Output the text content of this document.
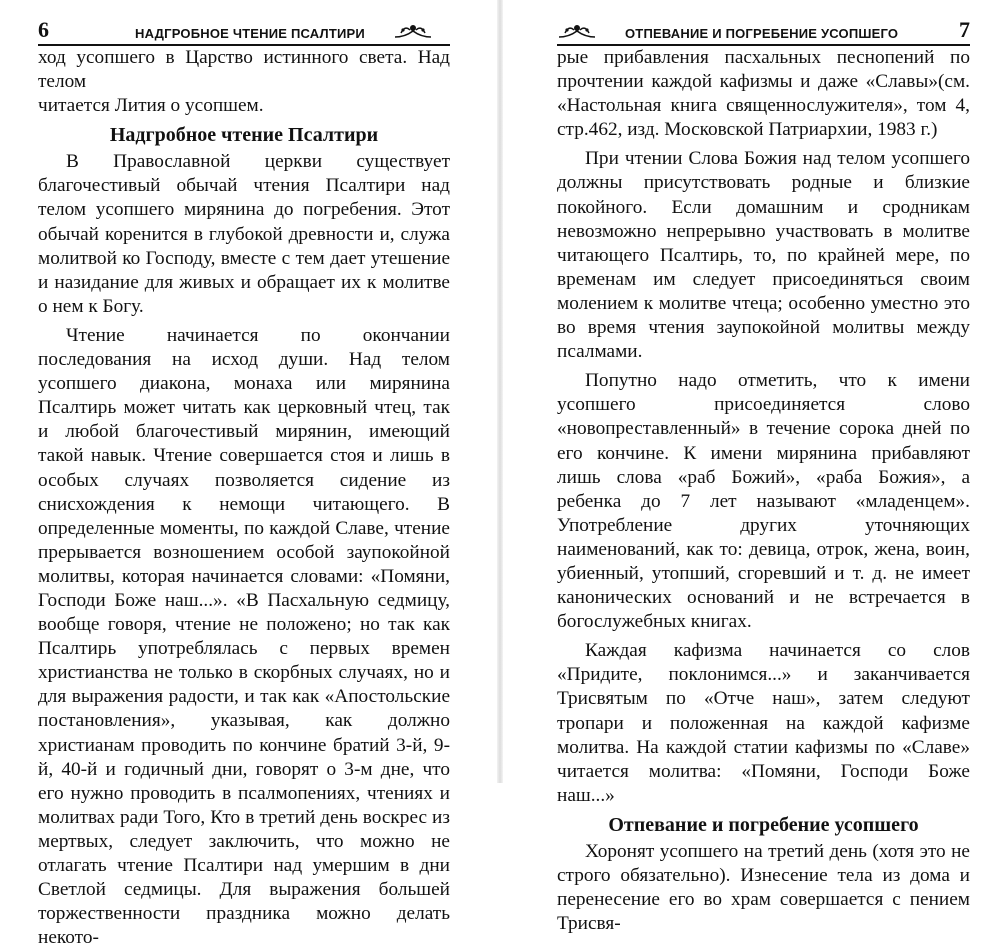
6	НАДГРОБНОЕ ЧТЕНИЕ ПСАЛТИРИ

ход усопшего в Царство истинного света. Над телом

читается Лития о усопшем.

Надгробное чтение Псалтири

В Православной церкви существует благочестивый обычай чтения Псалтири над телом усопшего мирянина до погребения. Этот обычай коренится в глубокой древности и, служа молитвой ко Господу, вместе с тем дает утешение и назидание для живых и обращает их к молитве о нем к Богу.

Чтение начинается по окончании последования на исход души. Над телом усопшего диакона, монаха или мирянина Псалтирь может читать как церковный чтец, так и любой благочестивый мирянин, имеющий такой навык. Чтение совершается стоя и лишь в особых случаях позволяется сидение из снисхождения к немощи читающего. В определенные моменты, по каждой Славе, чтение прерывается возношением особой заупокойной молитвы, которая начинается словами: «Помяни, Господи Боже наш...». «В Пасхальную седмицу, вообще говоря, чтение не положено; но так как Псалтирь употреблялась с первых времен христианства не только в скорбных случаях, но и для выражения радости, и так как «Апостольские постановления», указывая, как должно христианам проводить по кончине братий 3-й, 9-й, 40-й и годичный дни, говорят о 3-м дне, что его нужно проводить в псалмопениях, чтениях и молитвах ради Того, Кто в третий день воскрес из мертвых, следует заключить, что можно не отлагать чтение Псалтири над умершим в дни Светлой седмицы. Для выражения большей торжественности праздника можно делать некото-

ОТПЕВАНИЕ И ПОГРЕБЕНИЕ УСОПШЕГО	7

рые прибавления пасхальных песнопений по прочтении каждой кафизмы и даже «Славы»(см. «Настольная книга священнослужителя», том 4, стр.462, изд. Московской Патриархии, 1983 г.)

При чтении Слова Божия над телом усопшего должны присутствовать родные и близкие покойного. Если домашним и сродникам невозможно непрерывно участвовать в молитве читающего Псалтирь, то, по крайней мере, по временам им следует присоединяться своим молением к молитве чтеца; особенно уместно это во время чтения заупокойной молитвы между псалмами.

Попутно надо отметить, что к имени усопшего присоединяется слово «новопреставленный» в течение сорока дней по его кончине. К имени мирянина прибавляют лишь слова «раб Божий», «раба Божия», а ребенка до 7 лет называют «младенцем». Употребление других уточняющих наименований, как то: девица, отрок, жена, воин, убиенный, утопший, сгоревший и т. д. не имеет канонических оснований и не встречается в богослужебных книгах.

Каждая кафизма начинается со слов «Придите, поклонимся...» и заканчивается Трисвятым по «Отче наш», затем следуют тропари и положенная на каждой кафизме молитва. На каждой статии кафизмы по «Славе» читается молитва: «Помяни, Господи Боже наш...»

Отпевание и погребение усопшего

Хоронят усопшего на третий день (хотя это не строго обязательно). Изнесение тела из дома и перенесение его во храм совершается с пением Трисвя-
